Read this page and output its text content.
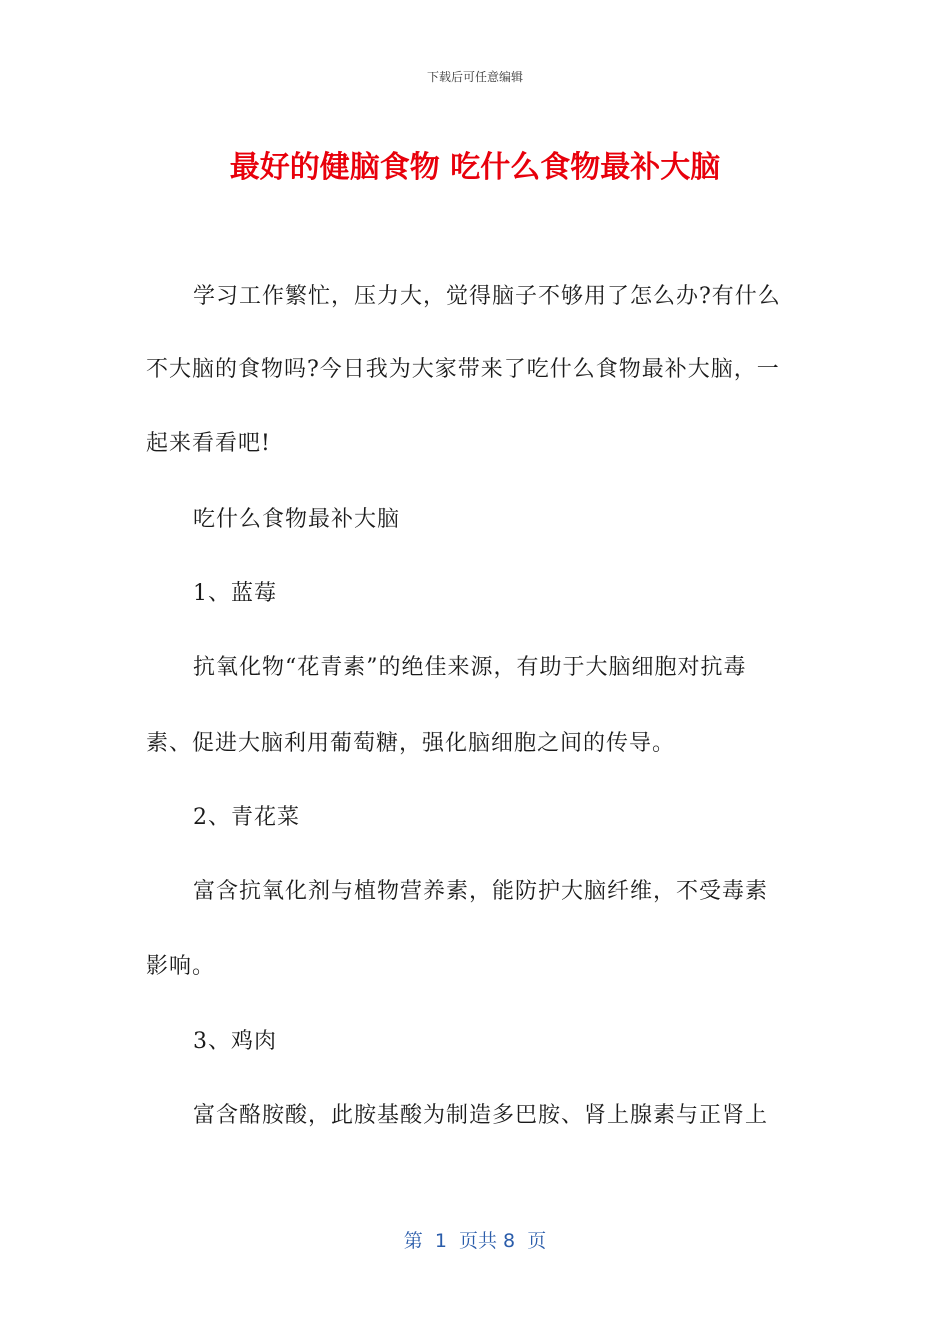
下载后可任意编辑
最好的健脑食物 吃什么食物最补大脑
学习工作繁忙，压力大，觉得脑子不够用了怎么办?有什么
不大脑的食物吗?今日我为大家带来了吃什么食物最补大脑，一
起来看看吧!
吃什么食物最补大脑
1、蓝莓
抗氧化物“花青素”的绝佳来源，有助于大脑细胞对抗毒
素、促进大脑利用葡萄糖，强化脑细胞之间的传导。
2、青花菜
富含抗氧化剂与植物营养素，能防护大脑纤维，不受毒素
影响。
3、鸡肉
富含酪胺酸，此胺基酸为制造多巴胺、肾上腺素与正肾上
第  1  页共 8  页
